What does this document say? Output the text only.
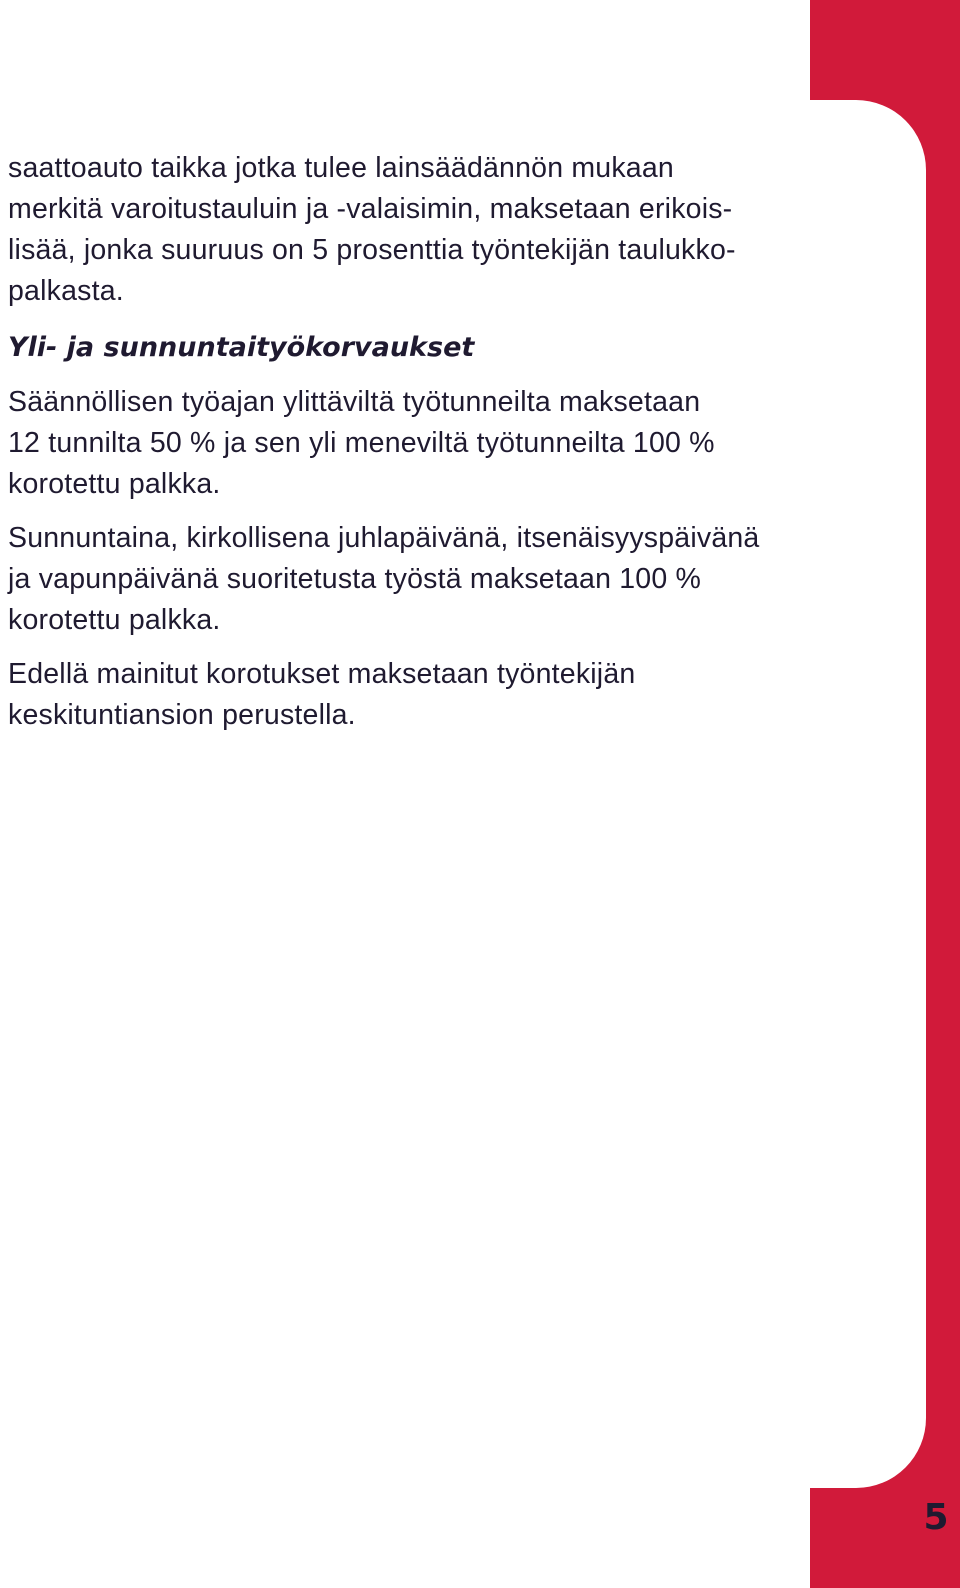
5

saattoauto taikka jotka tulee lainsäädännön mukaan
merkitä varoitustauluin ja -valaisimin, maksetaan erikois-
lisää, jonka suuruus on 5 prosenttia työntekijän taulukko-
palkasta.

Yli- ja sunnuntaityökorvaukset

Säännöllisen työajan ylittäviltä työtunneilta maksetaan
12 tunnilta 50 % ja sen yli meneviltä työtunneilta 100 %
korotettu palkka.

Sunnuntaina, kirkollisena juhlapäivänä, itsenäisyyspäivänä
ja vapunpäivänä suoritetusta työstä maksetaan 100 %
korotettu palkka.

Edellä mainitut korotukset maksetaan työntekijän
keskituntiansion perustella.
